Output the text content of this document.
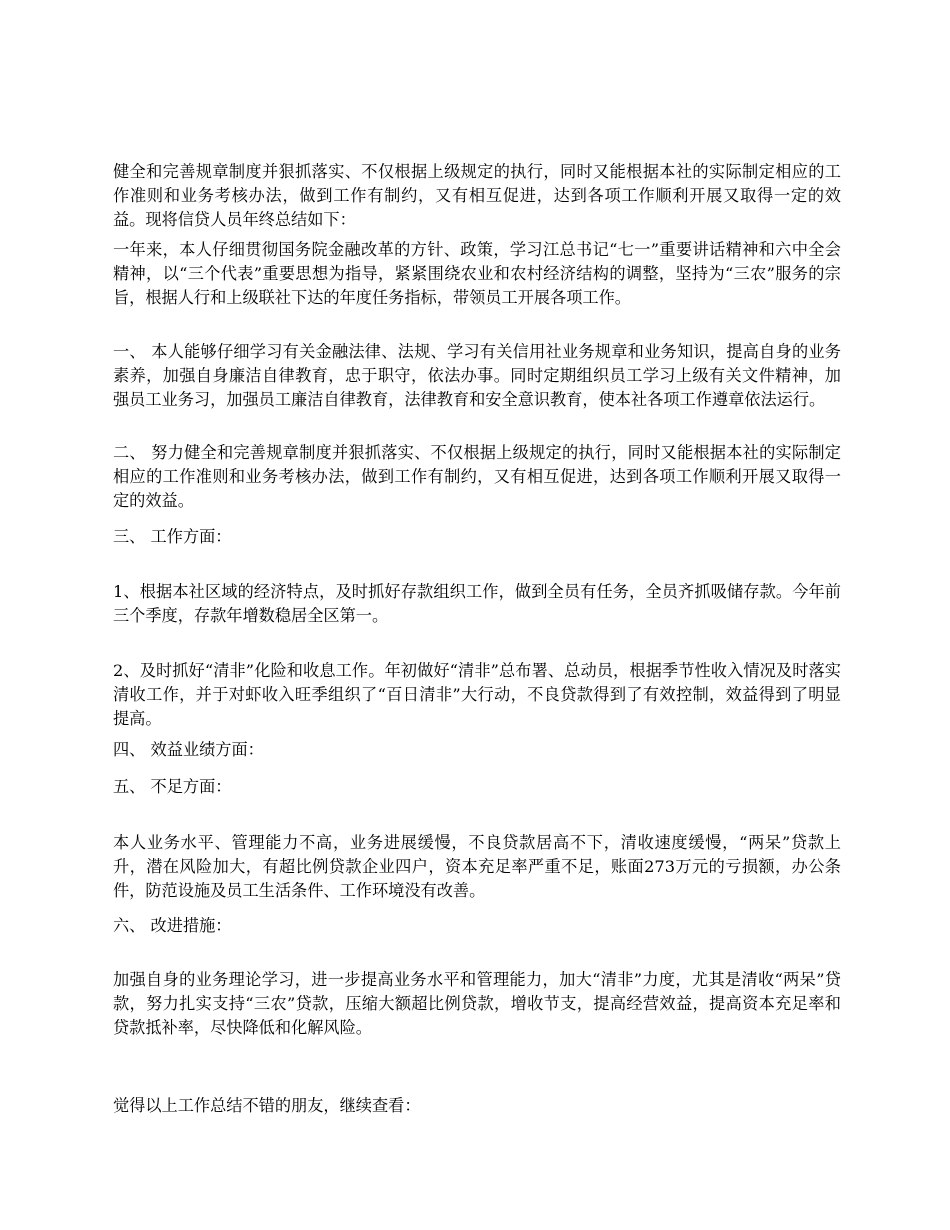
健全和完善规章制度并狠抓落实、不仅根据上级规定的执行，同时又能根据本社的实际制定相应的工作准则和业务考核办法，做到工作有制约，又有相互促进，达到各项工作顺利开展又取得一定的效益。现将信贷人员年终总结如下：

一年来，本人仔细贯彻国务院金融改革的方针、政策，学习江总书记“七一”重要讲话精神和六中全会精神，以“三个代表”重要思想为指导，紧紧围绕农业和农村经济结构的调整，坚持为“三农”服务的宗旨，根据人行和上级联社下达的年度任务指标，带领员工开展各项工作。

一、 本人能够仔细学习有关金融法律、法规、学习有关信用社业务规章和业务知识，提高自身的业务素养，加强自身廉洁自律教育，忠于职守，依法办事。同时定期组织员工学习上级有关文件精神，加强员工业务习，加强员工廉洁自律教育，法律教育和安全意识教育，使本社各项工作遵章依法运行。

二、 努力健全和完善规章制度并狠抓落实、不仅根据上级规定的执行，同时又能根据本社的实际制定相应的工作准则和业务考核办法，做到工作有制约，又有相互促进，达到各项工作顺利开展又取得一定的效益。

三、 工作方面：

1、根据本社区域的经济特点，及时抓好存款组织工作，做到全员有任务，全员齐抓吸储存款。今年前三个季度，存款年增数稳居全区第一。

2、及时抓好“清非”化险和收息工作。年初做好“清非”总布署、总动员，根据季节性收入情况及时落实清收工作，并于对虾收入旺季组织了“百日清非”大行动，不良贷款得到了有效控制，效益得到了明显提高。

四、 效益业绩方面：

五、 不足方面：

本人业务水平、管理能力不高，业务进展缓慢，不良贷款居高不下，清收速度缓慢，“两呆”贷款上升，潜在风险加大，有超比例贷款企业四户，资本充足率严重不足，账面273万元的亏损额，办公条件，防范设施及员工生活条件、工作环境没有改善。

六、 改进措施：

加强自身的业务理论学习，进一步提高业务水平和管理能力，加大“清非”力度，尤其是清收“两呆”贷款，努力扎实支持“三农”贷款，压缩大额超比例贷款，增收节支，提高经营效益，提高资本充足率和贷款抵补率，尽快降低和化解风险。

觉得以上工作总结不错的朋友，继续查看：
